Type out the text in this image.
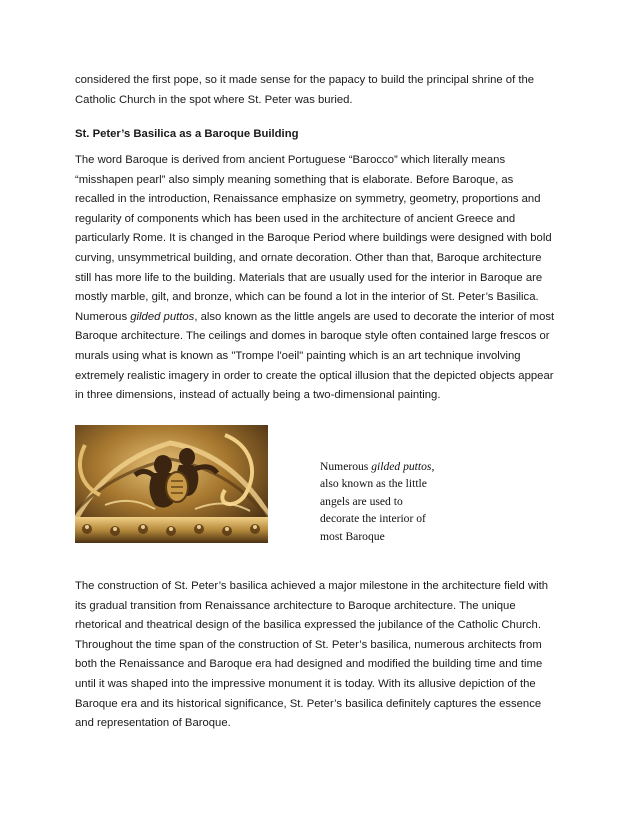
considered the first pope, so it made sense for the papacy to build the principal shrine of the
Catholic Church in the spot where St. Peter was buried.

St. Peter’s Basilica as a Baroque Building

The word Baroque is derived from ancient Portuguese “Barocco” which literally means
“misshapen pearl” also simply meaning something that is elaborate. Before Baroque, as
recalled in the introduction, Renaissance emphasize on symmetry, geometry, proportions and
regularity of components which has been used in the architecture of ancient Greece and
particularly Rome. It is changed in the Baroque Period where buildings were designed with bold
curving, unsymmetrical building, and ornate decoration. Other than that, Baroque architecture
still has more life to the building. Materials that are usually used for the interior in Baroque are
mostly marble, gilt, and bronze, which can be found a lot in the interior of St. Peter’s Basilica.
Numerous gilded puttos, also known as the little angels are used to decorate the interior of most
Baroque architecture. The ceilings and domes in baroque style often contained large frescos or
murals using what is known as "Trompe l'oeil" painting which is an art technique involving
extremely realistic imagery in order to create the optical illusion that the depicted objects appear
in three dimensions, instead of actually being a two-dimensional painting.

Numerous gilded puttos,
also known as the little
angels are used to
decorate the interior of
most Baroque

The construction of St. Peter’s basilica achieved a major milestone in the architecture field with
its gradual transition from Renaissance architecture to Baroque architecture. The unique
rhetorical and theatrical design of the basilica expressed the jubilance of the Catholic Church.
Throughout the time span of the construction of St. Peter’s basilica, numerous architects from
both the Renaissance and Baroque era had designed and modified the building time and time
until it was shaped into the impressive monument it is today. With its allusive depiction of the
Baroque era and its historical significance, St. Peter’s basilica definitely captures the essence
and representation of Baroque.
